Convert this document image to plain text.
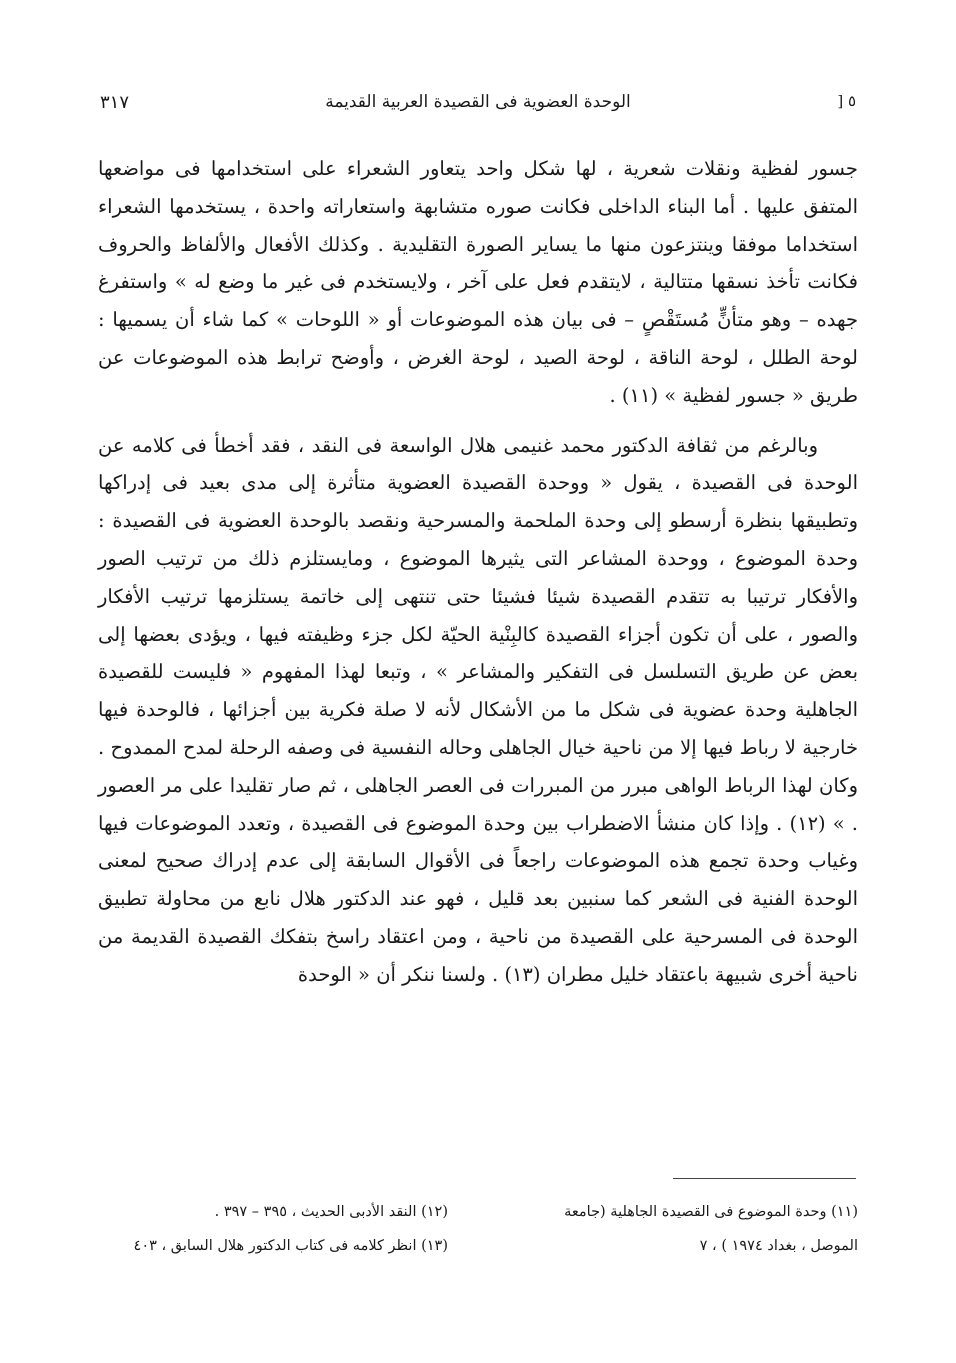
٥ [
الوحدة العضوية فى القصيدة العربية القديمة
٣١٧

جسور لفظية ونقلات شعرية ، لها شكل واحد يتعاور الشعراء على استخدامها فى مواضعها المتفق عليها . أما البناء الداخلى فكانت صوره متشابهة واستعاراته واحدة ، يستخدمها الشعراء استخداما موفقا وينتزعون منها ما يساير الصورة التقليدية . وكذلك الأفعال والألفاظ والحروف فكانت تأخذ نسقها متتالية ، لايتقدم فعل على آخر ، ولايستخدم فى غير ما وضع له » واستفرغ جهده – وهو متأنٍّ مُستَقْصٍ – فى بيان هذه الموضوعات أو « اللوحات » كما شاء أن يسميها : لوحة الطلل ، لوحة الناقة ، لوحة الصيد ، لوحة الغرض ، وأوضح ترابط هذه الموضوعات عن طريق « جسور لفظية » (١١) .

وبالرغم من ثقافة الدكتور محمد غنيمى هلال الواسعة فى النقد ، فقد أخطأ فى كلامه عن الوحدة فى القصيدة ، يقول « ووحدة القصيدة العضوية متأثرة إلى مدى بعيد فى إدراكها وتطبيقها بنظرة أرسطو إلى وحدة الملحمة والمسرحية ونقصد بالوحدة العضوية فى القصيدة : وحدة الموضوع ، ووحدة المشاعر التى يثيرها الموضوع ، ومايستلزم ذلك من ترتيب الصور والأفكار ترتيبا به تتقدم القصيدة شيئا فشيئا حتى تنتهى إلى خاتمة يستلزمها ترتيب الأفكار والصور ، على أن تكون أجزاء القصيدة كالبِنْية الحيّة لكل جزء وظيفته فيها ، ويؤدى بعضها إلى بعض عن طريق التسلسل فى التفكير والمشاعر » ، وتبعا لهذا المفهوم « فليست للقصيدة الجاهلية وحدة عضوية فى شكل ما من الأشكال لأنه لا صلة فكرية بين أجزائها ، فالوحدة فيها خارجية لا رباط فيها إلا من ناحية خيال الجاهلى وحاله النفسية فى وصفه الرحلة لمدح الممدوح . وكان لهذا الرباط الواهى مبرر من المبررات فى العصر الجاهلى ، ثم صار تقليدا على مر العصور . » (١٢) . وإذا كان منشأ الاضطراب بين وحدة الموضوع فى القصيدة ، وتعدد الموضوعات فيها وغياب وحدة تجمع هذه الموضوعات راجعاً فى الأقوال السابقة إلى عدم إدراك صحيح لمعنى الوحدة الفنية فى الشعر كما سنبين بعد قليل ، فهو عند الدكتور هلال نابع من محاولة تطبيق الوحدة فى المسرحية على القصيدة من ناحية ، ومن اعتقاد راسخ بتفكك القصيدة القديمة من ناحية أخرى شبيهة باعتقاد خليل مطران (١٣) . ولسنا ننكر أن « الوحدة

(١١) وحدة الموضوع فى القصيدة الجاهلية (جامعة
(١٢) النقد الأدبى الحديث ، ٣٩٥ – ٣٩٧ .
الموصل ، بغداد ١٩٧٤ ) ، ٧
(١٣) انظر كلامه فى كتاب الدكتور هلال السابق ، ٤٠٣
